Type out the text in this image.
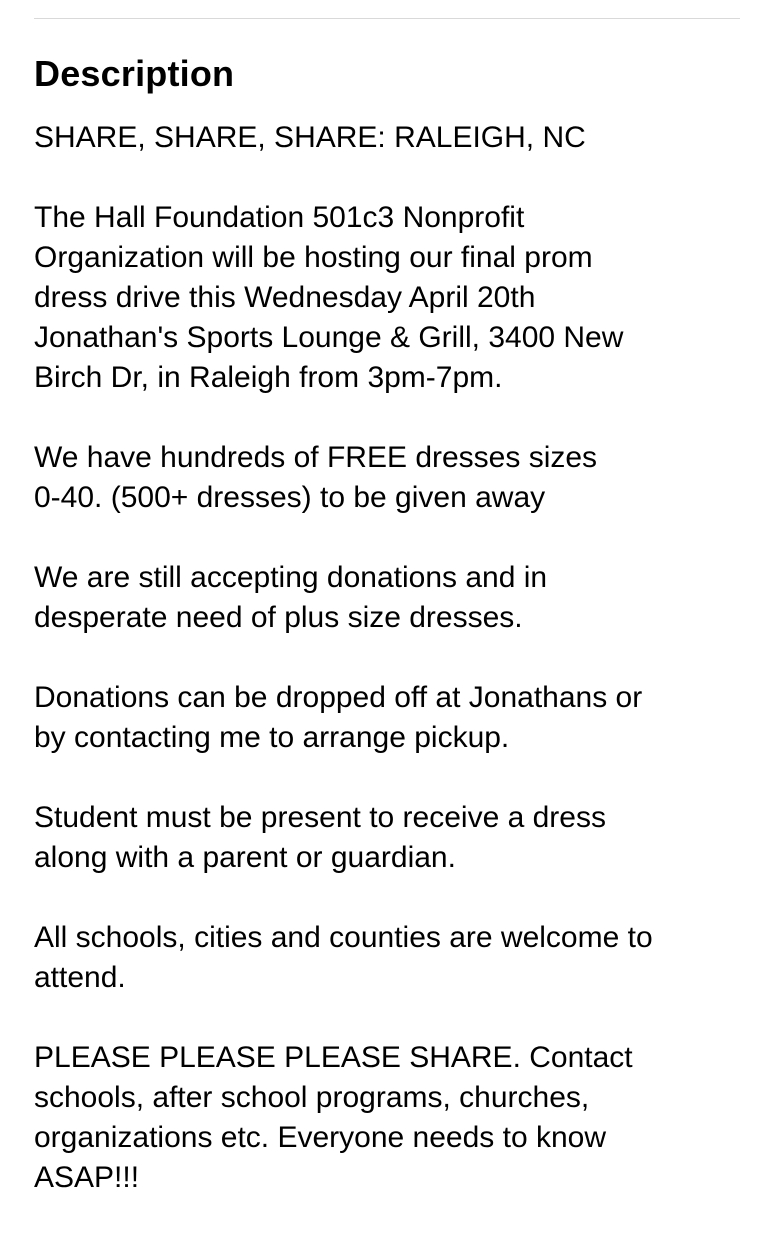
Description

SHARE, SHARE, SHARE: RALEIGH, NC

The Hall Foundation 501c3 Nonprofit
Organization will be hosting our final prom
dress drive this Wednesday April 20th
Jonathan's Sports Lounge & Grill, 3400 New
Birch Dr, in Raleigh from 3pm-7pm.

We have hundreds of FREE dresses sizes
0-40. (500+ dresses) to be given away

We are still accepting donations and in
desperate need of plus size dresses.

Donations can be dropped off at Jonathans or
by contacting me to arrange pickup.

Student must be present to receive a dress
along with a parent or guardian.

All schools, cities and counties are welcome to
attend.

PLEASE PLEASE PLEASE SHARE. Contact
schools, after school programs, churches,
organizations etc. Everyone needs to know
ASAP!!!
